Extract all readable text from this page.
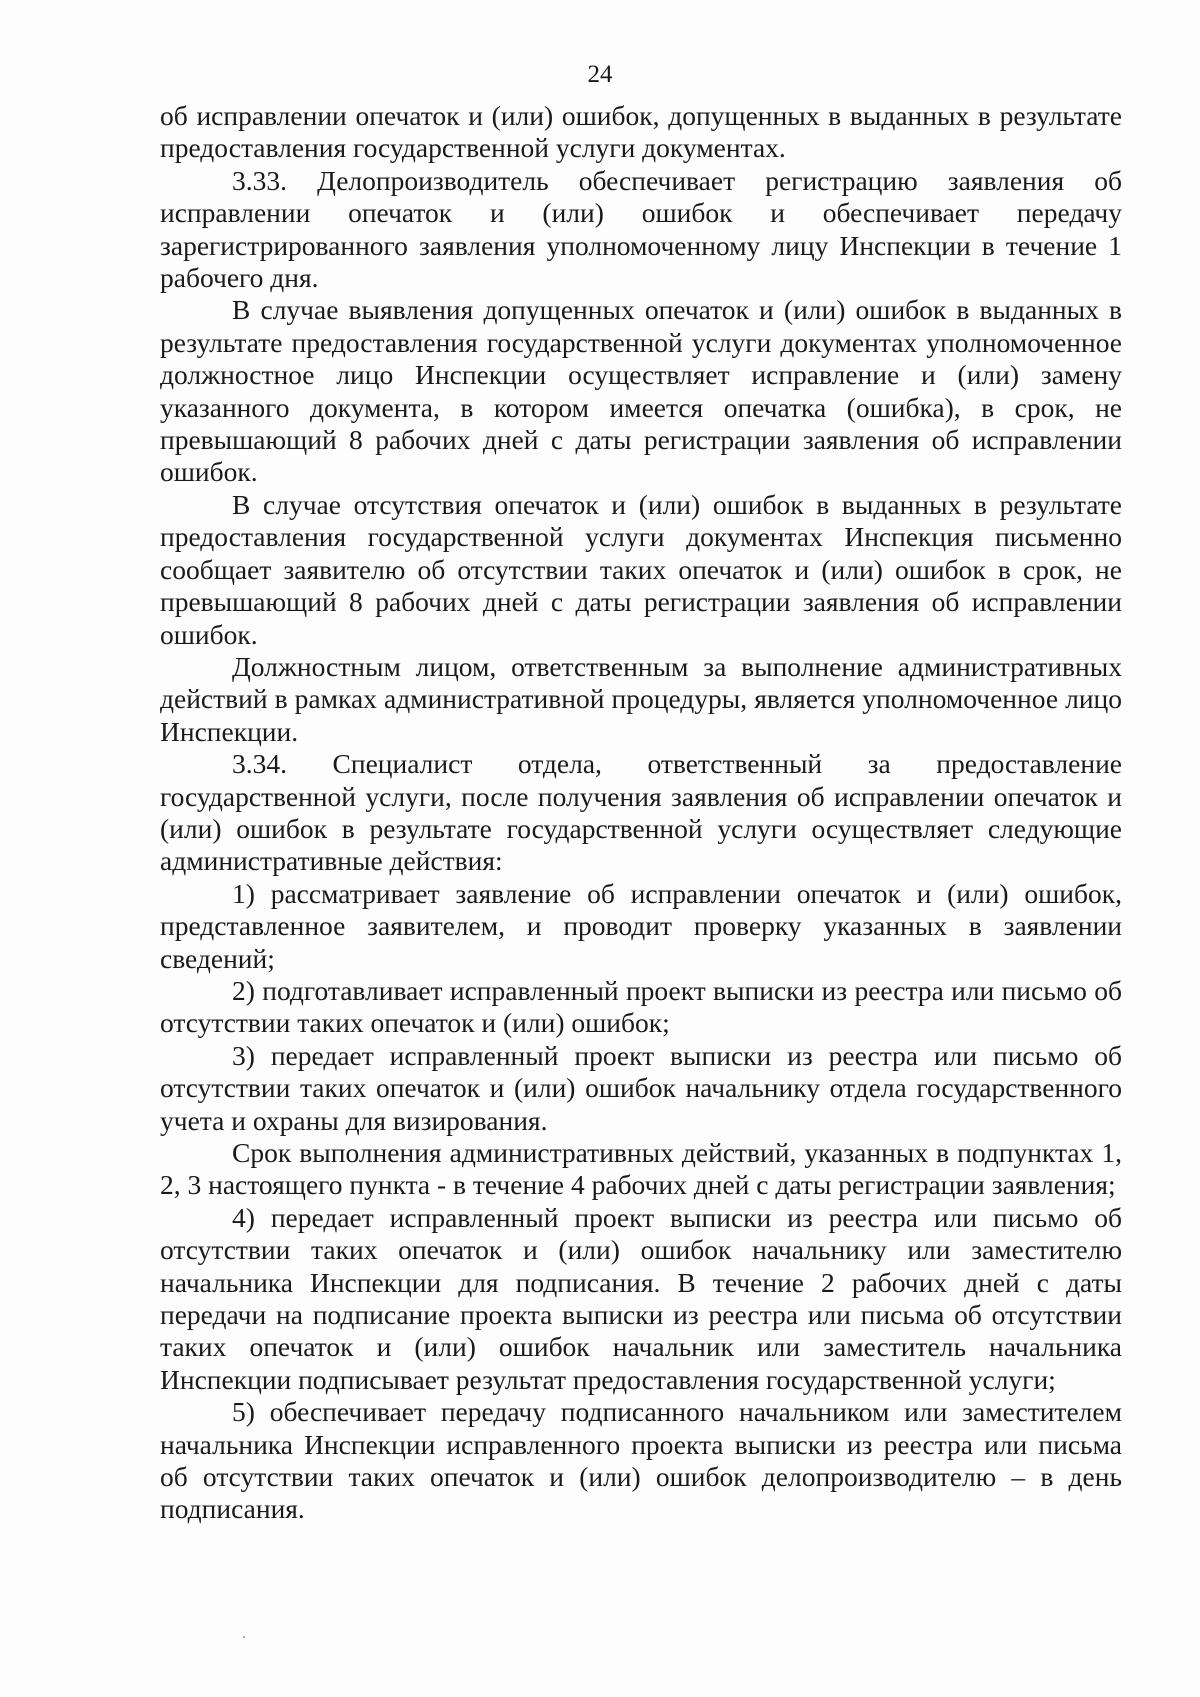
24

об исправлении опечаток и (или) ошибок, допущенных в выданных в результате предоставления государственной услуги документах.

3.33. Делопроизводитель обеспечивает регистрацию заявления об исправлении опечаток и (или) ошибок и обеспечивает передачу зарегистрированного заявления уполномоченному лицу Инспекции в течение 1 рабочего дня.

В случае выявления допущенных опечаток и (или) ошибок в выданных в результате предоставления государственной услуги документах уполномоченное должностное лицо Инспекции осуществляет исправление и (или) замену указанного документа, в котором имеется опечатка (ошибка), в срок, не превышающий 8 рабочих дней с даты регистрации заявления об исправлении ошибок.

В случае отсутствия опечаток и (или) ошибок в выданных в результате предоставления государственной услуги документах Инспекция письменно сообщает заявителю об отсутствии таких опечаток и (или) ошибок в срок, не превышающий 8 рабочих дней с даты регистрации заявления об исправлении ошибок.

Должностным лицом, ответственным за выполнение административных действий в рамках административной процедуры, является уполномоченное лицо Инспекции.

3.34. Специалист отдела, ответственный за предоставление государственной услуги, после получения заявления об исправлении опечаток и (или) ошибок в результате государственной услуги осуществляет следующие административные действия:

1) рассматривает заявление об исправлении опечаток и (или) ошибок, представленное заявителем, и проводит проверку указанных в заявлении сведений;

2) подготавливает исправленный проект выписки из реестра или письмо об отсутствии таких опечаток и (или) ошибок;

3) передает исправленный проект выписки из реестра или письмо об отсутствии таких опечаток и (или) ошибок начальнику отдела государственного учета и охраны для визирования.

Срок выполнения административных действий, указанных в подпунктах 1, 2, 3 настоящего пункта - в течение 4 рабочих дней с даты регистрации заявления;

4) передает исправленный проект выписки из реестра или письмо об отсутствии таких опечаток и (или) ошибок начальнику или заместителю начальника Инспекции для подписания. В течение 2 рабочих дней с даты передачи на подписание проекта выписки из реестра или письма об отсутствии таких опечаток и (или) ошибок начальник или заместитель начальника Инспекции подписывает результат предоставления государственной услуги;

5) обеспечивает передачу подписанного начальником или заместителем начальника Инспекции исправленного проекта выписки из реестра или письма об отсутствии таких опечаток и (или) ошибок делопроизводителю – в день подписания.
